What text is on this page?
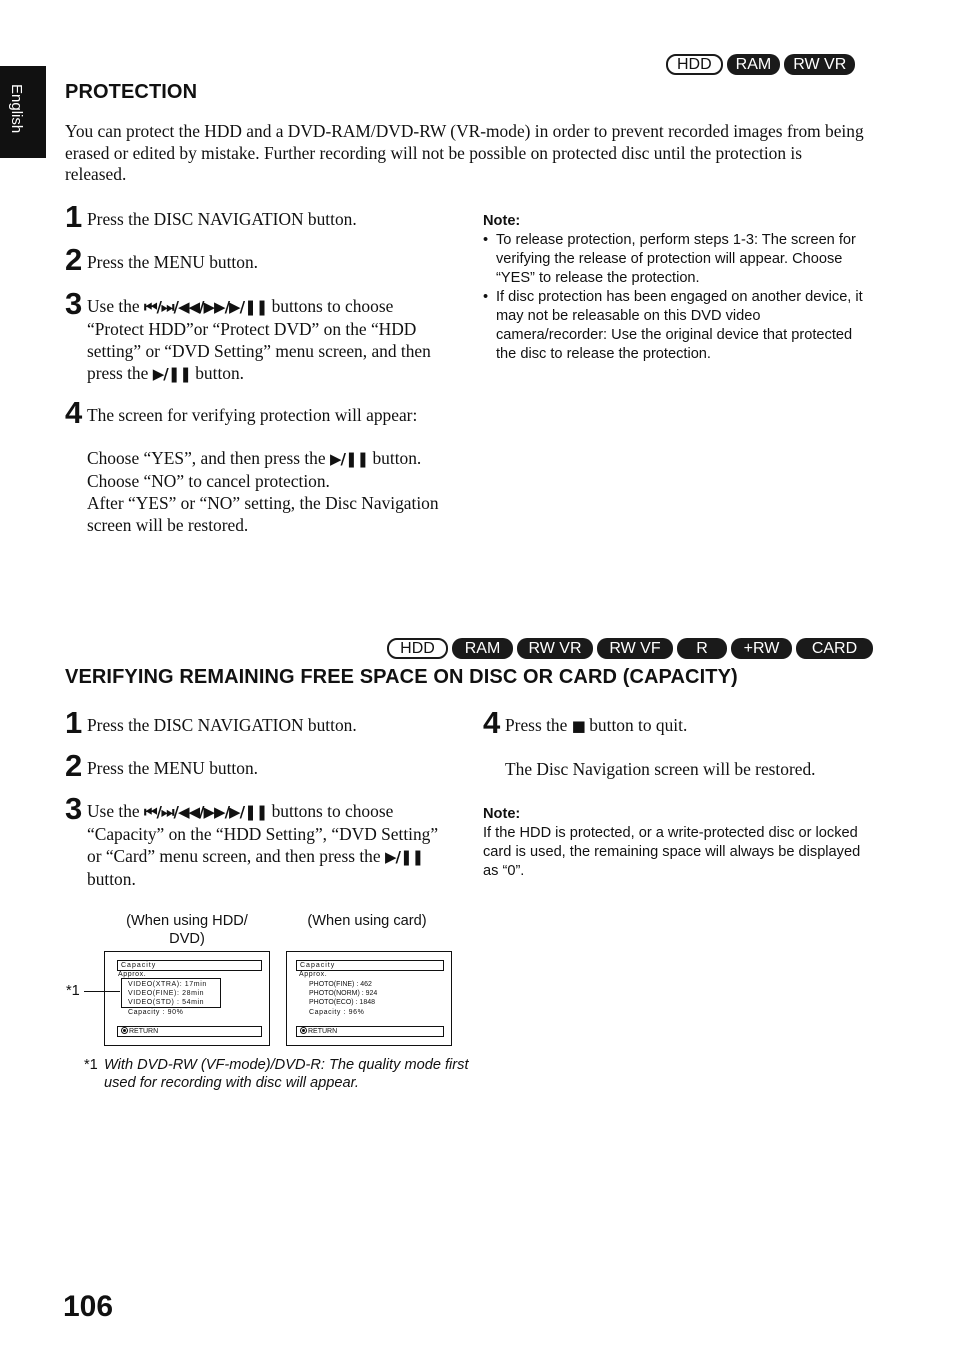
English
HDD	RAM	RW VR
PROTECTION
You can protect the HDD and a DVD-RAM/DVD-RW (VR-mode) in order to prevent recorded images from being erased or edited by mistake. Further recording will not be possible on protected disc until the protection is released.
1 Press the DISC NAVIGATION button.
2 Press the MENU button.
3 Use the ⏮/⏭/◀◀/▶▶/▶/❚❚ buttons to choose “Protect HDD”or “Protect DVD” on the “HDD setting” or “DVD Setting” menu screen, and then press the ▶/❚❚ button.
4 The screen for verifying protection will appear:

Choose “YES”, and then press the ▶/❚❚ button.

Choose “NO” to cancel protection.

After “YES” or “NO” setting, the Disc Navigation screen will be restored.

Note:
• To release protection, perform steps 1-3: The screen for verifying the release of protection will appear. Choose “YES” to release the protection.
• If disc protection has been engaged on another device, it may not be releasable on this DVD video camera/recorder: Use the original device that protected the disc to release the protection.
HDD	RAM	RW VR	RW VF	R	+RW	CARD
VERIFYING REMAINING FREE SPACE ON DISC OR CARD (CAPACITY)
1 Press the DISC NAVIGATION button.
2 Press the MENU button.
3 Use the ⏮/⏭/◀◀/▶▶/▶/❚❚ buttons to choose “Capacity” on the “HDD Setting”, “DVD Setting” or “Card” menu screen, and then press the ▶/❚❚ button.
4 Press the ■ button to quit.

The Disc Navigation screen will be restored.

Note:
If the HDD is protected, or a write-protected disc or locked card is used, the remaining space will always be displayed as “0”.
(When using HDD/ DVD)
(When using card)
*1
Capacity
Approx.
VIDEO(XTRA): 17min
VIDEO(FINE): 28min
VIDEO(STD) : 54min
Capacity : 90%
RETURN
Capacity
Approx.
PHOTO(FINE) : 462
PHOTO(NORM) : 924
PHOTO(ECO) : 1848
Capacity : 96%
RETURN
*1 With DVD-RW (VF-mode)/DVD-R: The quality mode first used for recording with disc will appear.
106
